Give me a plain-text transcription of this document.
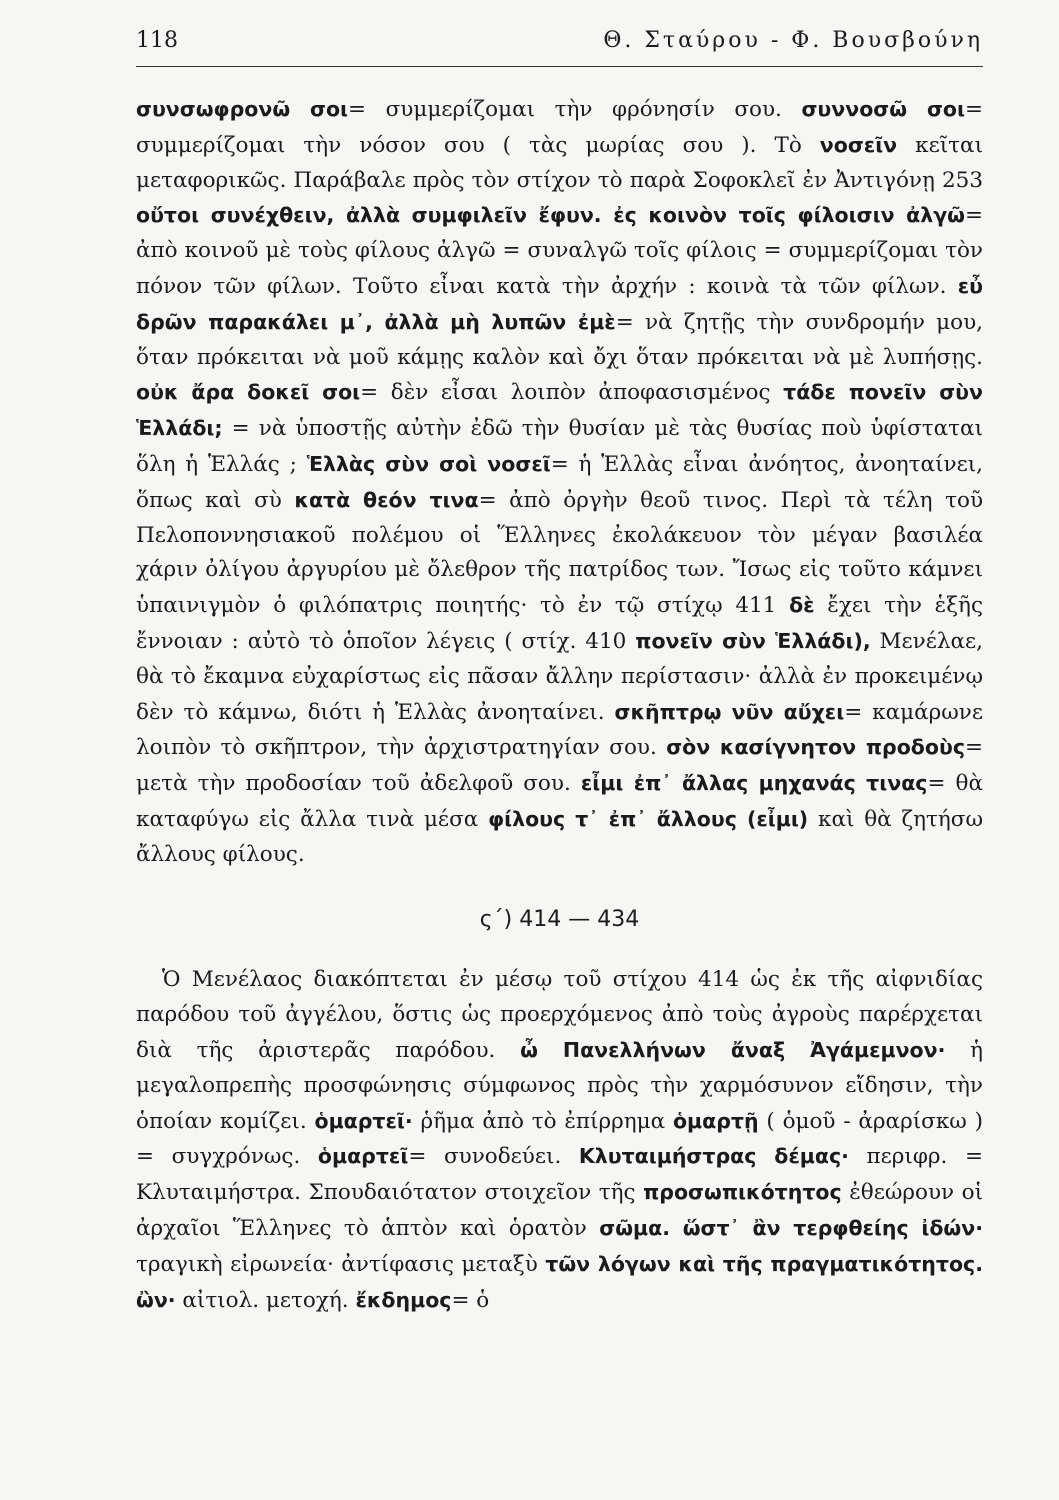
118	Θ. Σταύρου - Φ. Βουσβούνη

συνσωφρονῶ σοι= συμμερίζομαι τὴν φρόνησίν σου. συννοσῶ σοι= συμμερίζομαι τὴν νόσον σου ( τὰς μωρίας σου ). Τὸ νοσεῖν κεῖται μεταφορικῶς. Παράβαλε πρὸς τὸν στίχον τὸ παρὰ Σοφοκλεῖ ἐν Ἀντιγόνῃ 253 οὔτοι συνέχθειν, ἀλλὰ συμφιλεῖν ἔφυν. ἐς κοινὸν τοῖς φίλοισιν ἀλγῶ= ἀπὸ κοινοῦ μὲ τοὺς φίλους ἀλγῶ = συναλγῶ τοῖς φίλοις = συμμερίζομαι τὸν πόνον τῶν φίλων. Τοῦτο εἶναι κατὰ τὴν ἀρχήν : κοινὰ τὰ τῶν φίλων. εὖ δρῶν παρακάλει μ᾽, ἀλλὰ μὴ λυπῶν ἐμὲ= νὰ ζητῇς τὴν συνδρομήν μου, ὅταν πρόκειται νὰ μοῦ κάμῃς καλὸν καὶ ὄχι ὅταν πρόκειται νὰ μὲ λυπήσῃς. οὐκ ἄρα δοκεῖ σοι= δὲν εἶσαι λοιπὸν ἀποφασισμένος τάδε πονεῖν σὺν Ἑλλάδι; = νὰ ὑποστῇς αὐτὴν ἐδῶ τὴν θυσίαν μὲ τὰς θυσίας ποὺ ὑφίσταται ὅλη ἡ Ἑλλάς ; Ἑλλὰς σὺν σοὶ νοσεῖ= ἡ Ἑλλὰς εἶναι ἀνόητος, ἀνοηταίνει, ὅπως καὶ σὺ κατὰ θεόν τινα= ἀπὸ ὀργὴν θεοῦ τινος. Περὶ τὰ τέλη τοῦ Πελοποννησιακοῦ πολέμου οἱ Ἕλληνες ἐκολάκευον τὸν μέγαν βασιλέα χάριν ὀλίγου ἀργυρίου μὲ ὄλεθρον τῆς πατρίδος των. Ἴσως εἰς τοῦτο κάμνει ὑπαινιγμὸν ὁ φιλόπατρις ποιητής· τὸ ἐν τῷ στίχῳ 411 δὲ ἔχει τὴν ἑξῆς ἔννοιαν : αὐτὸ τὸ ὁποῖον λέγεις ( στίχ. 410 πονεῖν σὺν Ἑλλάδι), Μενέλαε, θὰ τὸ ἔκαμνα εὐχαρίστως εἰς πᾶσαν ἄλλην περίστασιν· ἀλλὰ ἐν προκειμένῳ δὲν τὸ κάμνω, διότι ἡ Ἑλλὰς ἀνοηταίνει. σκῆπτρῳ νῦν αὔχει= καμάρωνε λοιπὸν τὸ σκῆπτρον, τὴν ἀρχιστρατηγίαν σου. σὸν κασίγνητον προδοὺς= μετὰ τὴν προδοσίαν τοῦ ἀδελφοῦ σου. εἶμι ἐπ᾽ ἄλλας μηχανάς τινας= θὰ καταφύγω εἰς ἄλλα τινὰ μέσα φίλους τ᾽ ἐπ᾽ ἄλλους (εἶμι) καὶ θὰ ζητήσω ἄλλους φίλους.

ς΄) 414 — 434

Ὁ Μενέλαος διακόπτεται ἐν μέσῳ τοῦ στίχου 414 ὡς ἐκ τῆς αἰφνιδίας παρόδου τοῦ ἀγγέλου, ὅστις ὡς προερχόμενος ἀπὸ τοὺς ἀγροὺς παρέρχεται διὰ τῆς ἀριστερᾶς παρόδου. ὦ Πανελλήνων ἄναξ Ἀγάμεμνον· ἡ μεγαλοπρεπὴς προσφώνησις σύμφωνος πρὸς τὴν χαρμόσυνον εἴδησιν, τὴν ὁποίαν κομίζει. ὁμαρτεῖ· ῥῆμα ἀπὸ τὸ ἐπίρρημα ὁμαρτῇ ( ὁμοῦ - ἀραρίσκω ) = συγχρόνως. ὁμαρτεῖ= συνοδεύει. Κλυταιμήστρας δέμας· περιφρ. = Κλυταιμήστρα. Σπουδαιότατον στοιχεῖον τῆς προσωπικότητος ἐθεώρουν οἱ ἀρχαῖοι Ἕλληνες τὸ ἁπτὸν καὶ ὁρατὸν σῶμα. ὥστ᾽ ἂν τερφθείης ἰδών· τραγικὴ εἰρωνεία· ἀντίφασις μεταξὺ τῶν λόγων καὶ τῆς πραγματικότητος. ὢν· αἰτιολ. μετοχή. ἔκδημος= ὁ
